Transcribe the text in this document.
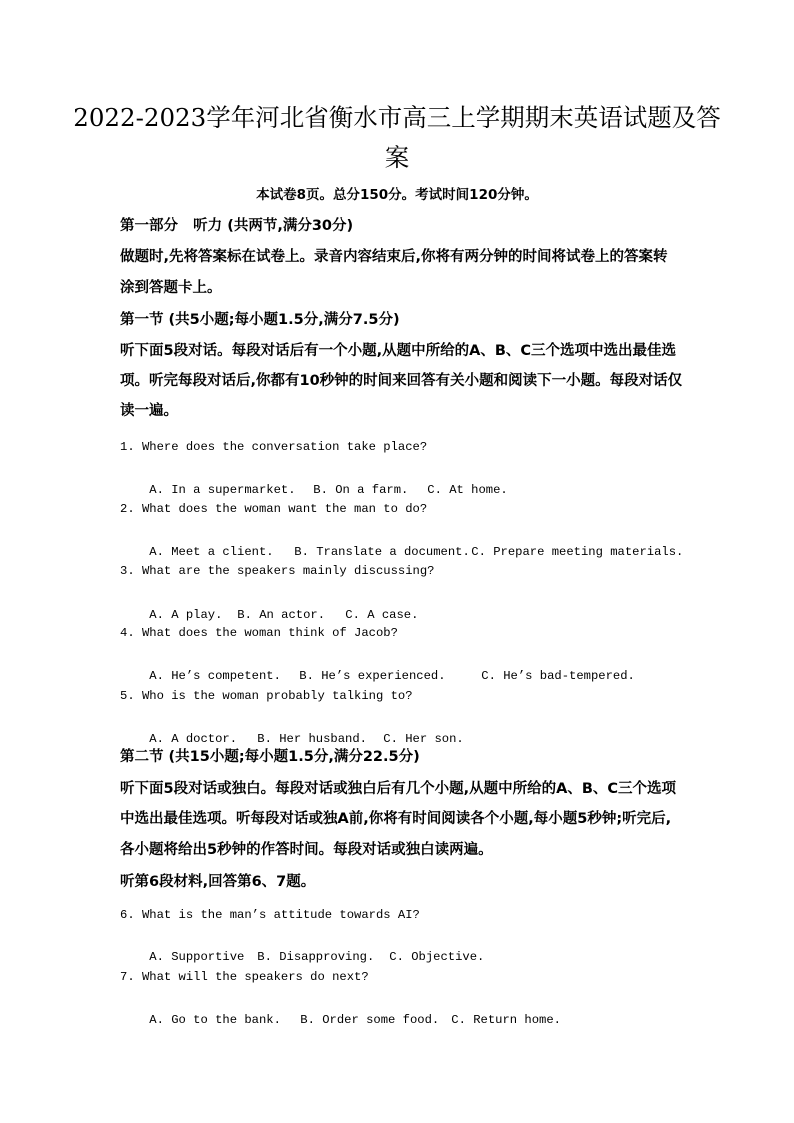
2022-2023学年河北省衡水市高三上学期期末英语试题及答
案
本试卷8页。总分150分。考试时间120分钟。
第一部分   听力 (共两节,满分30分)
做题时,先将答案标在试卷上。录音内容结束后,你将有两分钟的时间将试卷上的答案转
涂到答题卡上。
第一节 (共5小题;每小题1.5分,满分7.5分)
听下面5段对话。每段对话后有一个小题,从题中所给的A、B、C三个选项中选出最佳选
项。听完每段对话后,你都有10秒钟的时间来回答有关小题和阅读下一小题。每段对话仅
读一遍。
1. Where does the conversation take place?

A. In a supermarket. B. On a farm. C. At home.

2. What does the woman want the man to do?

A. Meet a client. B. Translate a document.C. Prepare meeting materials.

3. What are the speakers mainly discussing?

A. A play. B. An actor. C. A case.

4. What does the woman think of Jacob?

A. He’s competent. B. He’s experienced.	C. He’s bad-tempered.

5. Who is the woman probably talking to?

A. A doctor. B. Her husband. C. Her son.

第二节 (共15小题;每小题1.5分,满分22.5分)
听下面5段对话或独白。每段对话或独白后有几个小题,从题中所给的A、B、C三个选项
中选出最佳选项。听每段对话或独A前,你将有时间阅读各个小题,每小题5秒钟;听完后,
各小题将给出5秒钟的作答时间。每段对话或独白读两遍。
听第6段材料,回答第6、7题。
6. What is the man’s attitude towards AI?

A. Supportive B. Disapproving. C. Objective.

7. What will the speakers do next?

A. Go to the bank. B. Order some food. C. Return home.
